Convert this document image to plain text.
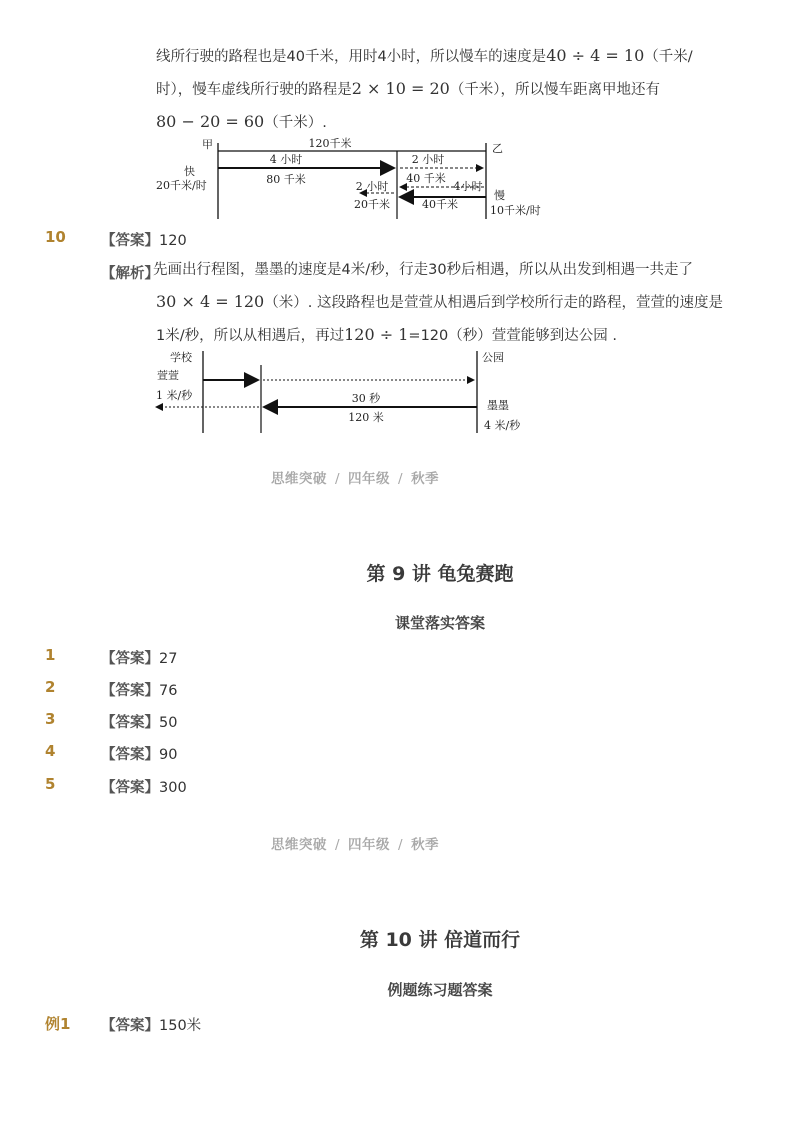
线所行驶的路程也是40千米，用时4小时，所以慢车的速度是40 ÷ 4 = 10（千米/
时），慢车虚线所行驶的路程是2 × 10 = 20（千米），所以慢车距离甲地还有
80 − 20 = 60（千米）.
甲	乙
120千米
快
20千米/时
4 小时
80 千米
2 小时
40 千米
2 小时	4小时
20千米	40千米
慢
10千米/时
10 【答案】120
【解析】
先画出行程图，墨墨的速度是4米/秒，行走30秒后相遇，所以从出发到相遇一共走了
30 × 4 = 120（米）. 这段路程也是萱萱从相遇后到学校所行走的路程，萱萱的速度是
1米/秒，所以从相遇后，再过120 ÷ 1=120（秒）萱萱能够到达公园 .
学校	公园
萱萱
1 米/秒	30 秒
120 米
墨墨
4 米/秒
思维突破 / 四年级 / 秋季
第 9 讲 龟兔赛跑
课堂落实答案
1	【答案】27
2	【答案】76
3	【答案】50
4	【答案】90
5	【答案】300
思维突破 / 四年级 / 秋季
第 10 讲 倍道而行
例题练习题答案
例1 【答案】150米
